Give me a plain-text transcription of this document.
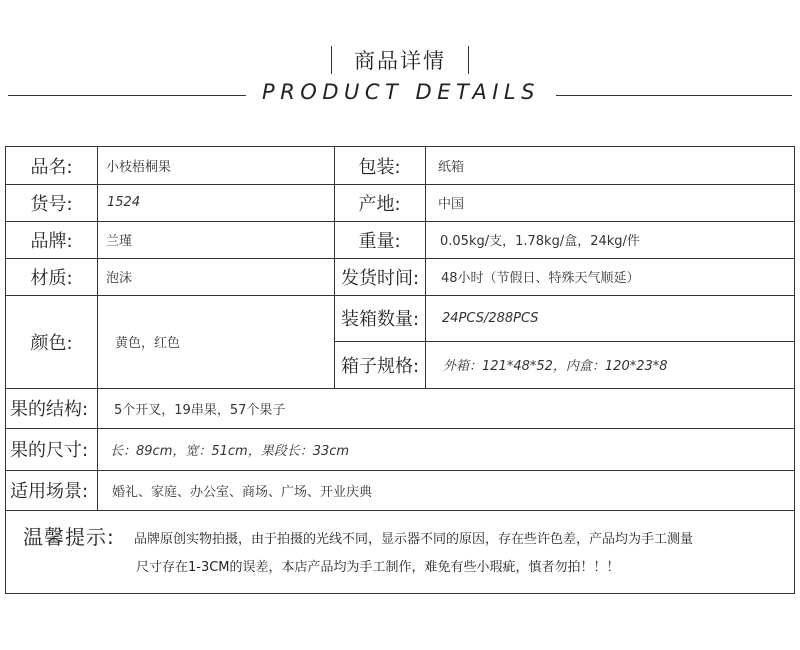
商品详情
PRODUCT DETAILS
品名:	小枝梧桐果	包装:	纸箱
货号:	1524	产地:	中国
品牌:	兰瑾	重量:	0.05kg/支，1.78kg/盒，24kg/件
材质:	泡沫	发货时间:	48小时（节假日、特殊天气顺延）
颜色:	黄色，红色
装箱数量:	24PCS/288PCS
箱子规格:	外箱：121*48*52，内盒：120*23*8
果的结构:	5个开叉，19串果，57个果子
果的尺寸:	长：89cm，宽：51cm，果段长：33cm
适用场景:	婚礼、家庭、办公室、商场、广场、开业庆典
温馨提示: 品牌原创实物拍摄，由于拍摄的光线不同，显示器不同的原因，存在些许色差，产品均为手工测量
尺寸存在1-3CM的误差，本店产品均为手工制作，难免有些小瑕疵，慎者勿拍！！！
